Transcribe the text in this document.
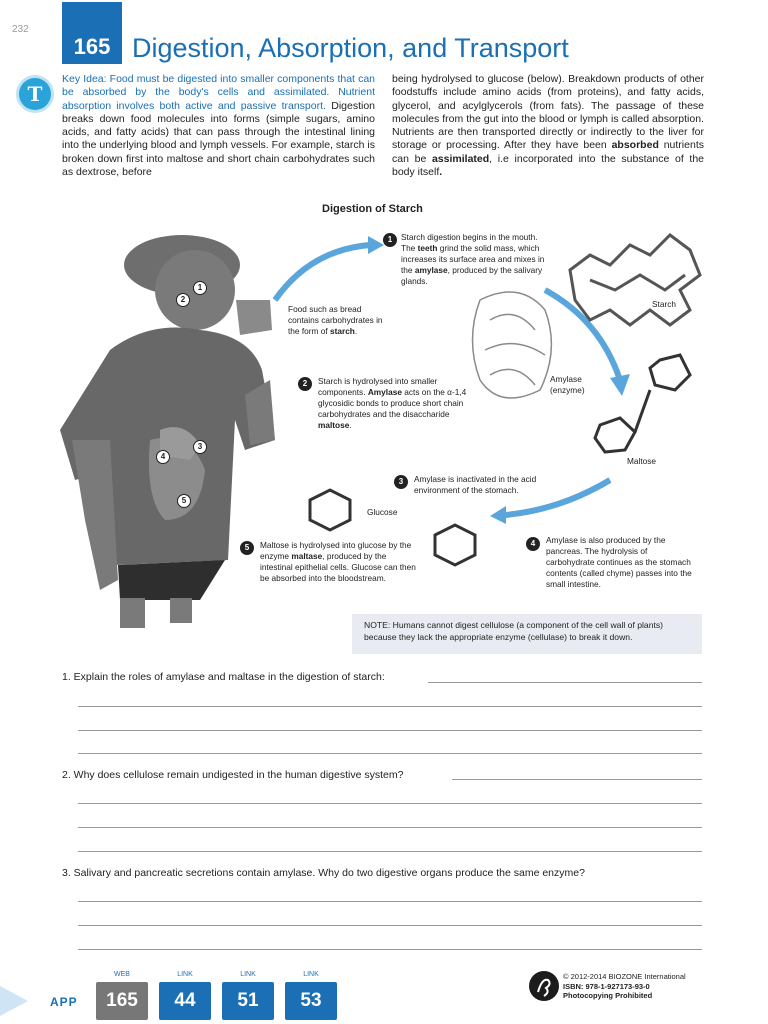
232
165 Digestion, Absorption, and Transport
T
Key Idea: Food must be digested into smaller components that can be absorbed by the body's cells and assimilated. Nutrient absorption involves both active and passive transport. Digestion breaks down food molecules into forms (simple sugars, amino acids, and fatty acids) that can pass through the intestinal lining into the underlying blood and lymph vessels. For example, starch is broken down first into maltose and short chain carbohydrates such as dextrose, before
being hydrolysed to glucose (below). Breakdown products of other foodstuffs include amino acids (from proteins), and fatty acids, glycerol, and acylglycerols (from fats). The passage of these molecules from the gut into the blood or lymph is called absorption. Nutrients are then transported directly or indirectly to the liver for storage or processing. After they have been absorbed nutrients can be assimilated, i.e incorporated into the substance of the body itself.
Digestion of Starch
Food such as bread contains carbohydrates in the form of starch.
1	Starch digestion begins in the mouth. The teeth grind the solid mass, which increases its surface area and mixes in the amylase, produced by the salivary glands.
2	Starch is hydrolysed into smaller components. Amylase acts on the α-1,4 glycosidic bonds to produce short chain carbohydrates and the disaccharide maltose.
3	Amylase is inactivated in the acid environment of the stomach.
4	Amylase is also produced by the pancreas. The hydrolysis of carbohydrate continues as the stomach contents (called chyme) passes into the small intestine.
5	Maltose is hydrolysed into glucose by the enzyme maltase, produced by the intestinal epithelial cells. Glucose can then be absorbed into the bloodstream.
1
2
3
4
5
Starch
Amylase (enzyme)
Maltose
Glucose
NOTE: Humans cannot digest cellulose (a component of the cell wall of plants) because they lack the appropriate enzyme (cellulase) to break it down.
1. Explain the roles of amylase and maltase in the digestion of starch:
2. Why does cellulose remain undigested in the human digestive system?
3. Salivary and pancreatic secretions contain amylase. Why do two digestive organs produce the same enzyme?
APP
WEB
165
LINK
44
LINK
51
LINK
53
© 2012-2014 BIOZONE International
ISBN: 978-1-927173-93-0
Photocopying Prohibited
